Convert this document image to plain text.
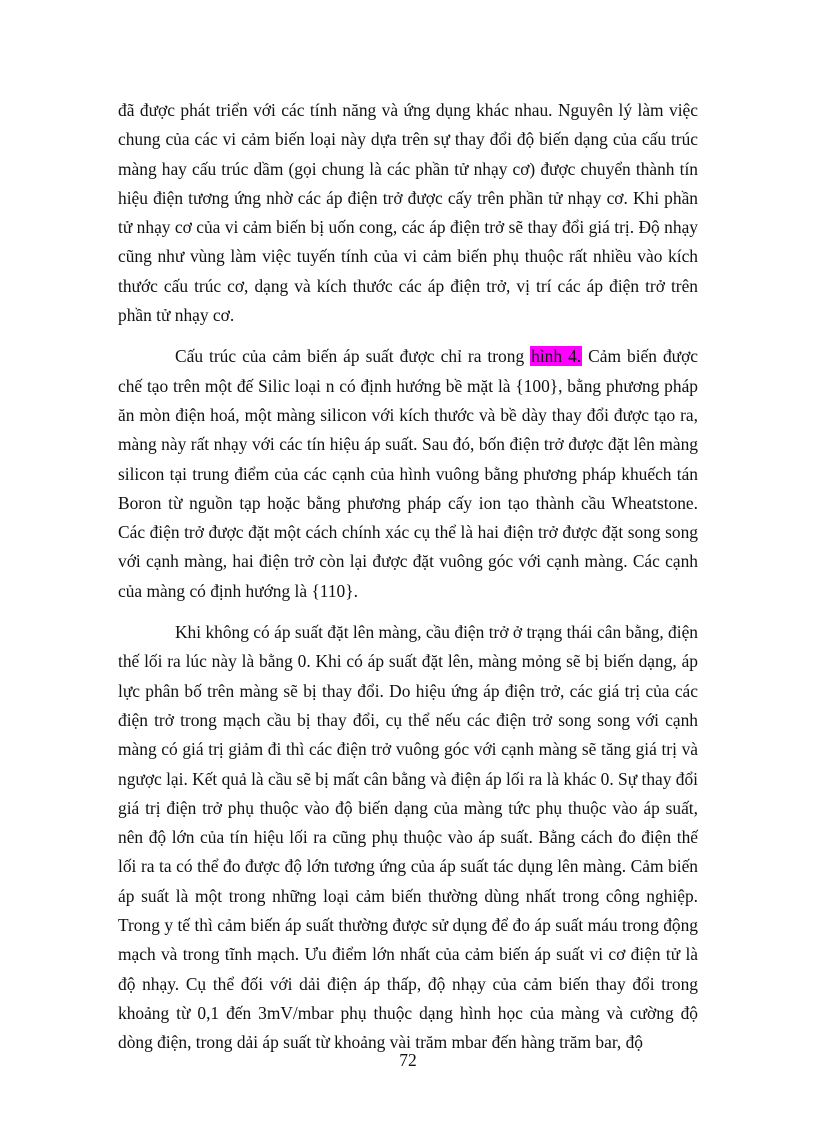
đã được phát triển với các tính năng và ứng dụng khác nhau. Nguyên lý làm việc chung của các vi cảm biến loại này dựa trên sự thay đổi độ biến dạng của cấu trúc màng hay cấu trúc dầm (gọi chung là các phần tử nhạy cơ) được chuyển thành tín hiệu điện tương ứng nhờ các áp điện trở được cấy trên phần tử nhạy cơ. Khi phần tử nhạy cơ của vi cảm biến bị uốn cong, các áp điện trở sẽ thay đổi giá trị. Độ nhạy cũng như vùng làm việc tuyến tính của vi cảm biến phụ thuộc rất nhiều vào kích thước cấu trúc cơ, dạng và kích thước các áp điện trở, vị trí các áp điện trở trên phần tử nhạy cơ.

Cấu trúc của cảm biến áp suất được chỉ ra trong hình 4. Cảm biến được chế tạo trên một đế Silic loại n có định hướng bề mặt là {100}, bằng phương pháp ăn mòn điện hoá, một màng silicon với kích thước và bề dày thay đổi được tạo ra, màng này rất nhạy với các tín hiệu áp suất. Sau đó, bốn điện trở được đặt lên màng silicon tại trung điểm của các cạnh của hình vuông bằng phương pháp khuếch tán Boron từ nguồn tạp hoặc bằng phương pháp cấy ion tạo thành cầu Wheatstone. Các điện trở được đặt một cách chính xác cụ thể là hai điện trở được đặt song song với cạnh màng, hai điện trở còn lại được đặt vuông góc với cạnh màng. Các cạnh của màng có định hướng là {110}.

Khi không có áp suất đặt lên màng, cầu điện trở ở trạng thái cân bằng, điện thế lối ra lúc này là bằng 0. Khi có áp suất đặt lên, màng mỏng sẽ bị biến dạng, áp lực phân bố trên màng sẽ bị thay đổi. Do hiệu ứng áp điện trở, các giá trị của các điện trở trong mạch cầu bị thay đổi, cụ thể nếu các điện trở song song với cạnh màng có giá trị giảm đi thì các điện trở vuông góc với cạnh màng sẽ tăng giá trị và ngược lại. Kết quả là cầu sẽ bị mất cân bằng và điện áp lối ra là khác 0. Sự thay đổi giá trị điện trở phụ thuộc vào độ biến dạng của màng tức phụ thuộc vào áp suất, nên độ lớn của tín hiệu lối ra cũng phụ thuộc vào áp suất. Bằng cách đo điện thế lối ra ta có thể đo được độ lớn tương ứng của áp suất tác dụng lên màng. Cảm biến áp suất là một trong những loại cảm biến thường dùng nhất trong công nghiệp. Trong y tế thì cảm biến áp suất thường được sử dụng để đo áp suất máu trong động mạch và trong tĩnh mạch. Ưu điểm lớn nhất của cảm biến áp suất vi cơ điện tử là độ nhạy. Cụ thể đối với dải điện áp thấp, độ nhạy của cảm biến thay đổi trong khoảng từ 0,1 đến 3mV/mbar phụ thuộc dạng hình học của màng và cường độ dòng điện, trong dải áp suất từ khoảng vài trăm mbar đến hàng trăm bar, độ

72
